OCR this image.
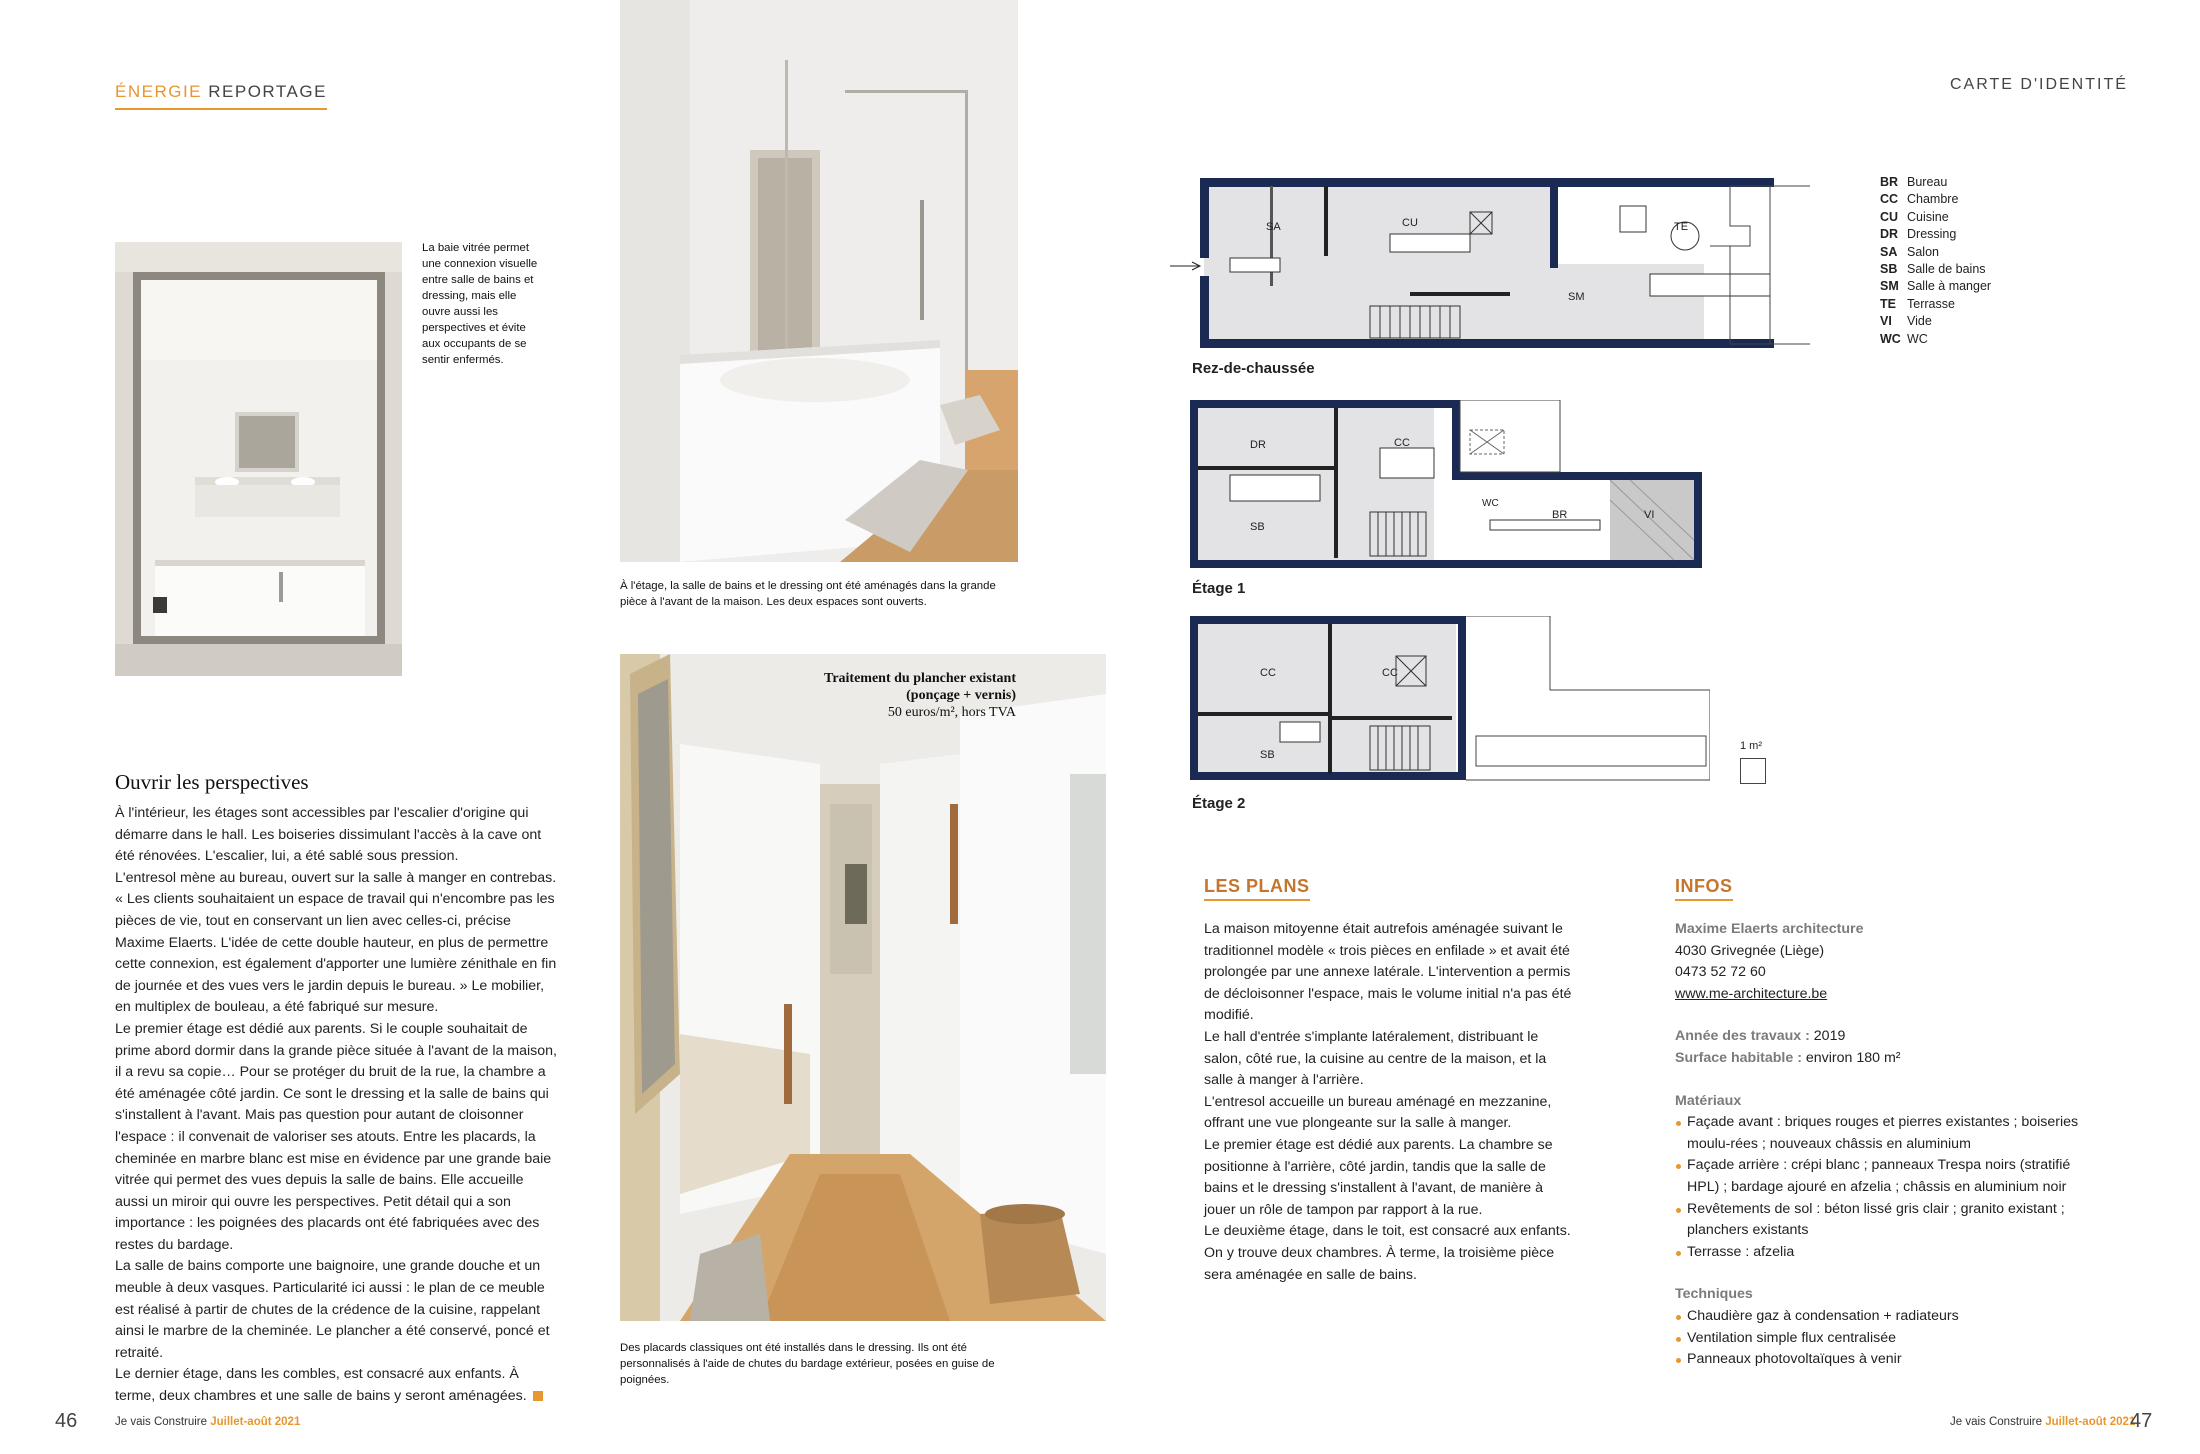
ÉNERGIE REPORTAGE	CARTE D'IDENTITÉ
La baie vitrée permet une connexion visuelle entre salle de bains et dressing, mais elle ouvre aussi les perspectives et évite aux occupants de se sentir enfermés.
À l'étage, la salle de bains et le dressing ont été aménagés dans la grande pièce à l'avant de la maison. Les deux espaces sont ouverts.
Traitement du plancher existant
(ponçage + vernis)
50 euros/m², hors TVA
Des placards classiques ont été installés dans le dressing. Ils ont été personnalisés à l'aide de chutes du bardage extérieur, posées en guise de poignées.
Ouvrir les perspectives

À l'intérieur, les étages sont accessibles par l'escalier d'origine qui démarre dans le hall. Les boiseries dissimulant l'accès à la cave ont été rénovées. L'escalier, lui, a été sablé sous pression.

L'entresol mène au bureau, ouvert sur la salle à manger en contrebas. « Les clients souhaitaient un espace de travail qui n'encombre pas les pièces de vie, tout en conservant un lien avec celles-ci, précise Maxime Elaerts. L'idée de cette double hauteur, en plus de permettre cette connexion, est également d'apporter une lumière zénithale en fin de journée et des vues vers le jardin depuis le bureau. » Le mobilier, en multiplex de bouleau, a été fabriqué sur mesure.

Le premier étage est dédié aux parents. Si le couple souhaitait de prime abord dormir dans la grande pièce située à l'avant de la maison, il a revu sa copie… Pour se protéger du bruit de la rue, la chambre a été aménagée côté jardin. Ce sont le dressing et la salle de bains qui s'installent à l'avant. Mais pas question pour autant de cloisonner l'espace : il convenait de valoriser ses atouts. Entre les placards, la cheminée en marbre blanc est mise en évidence par une grande baie vitrée qui permet des vues depuis la salle de bains. Elle accueille aussi un miroir qui ouvre les perspectives. Petit détail qui a son importance : les poignées des placards ont été fabriquées avec des restes du bardage.

La salle de bains comporte une baignoire, une grande douche et un meuble à deux vasques. Particularité ici aussi : le plan de ce meuble est réalisé à partir de chutes de la crédence de la cuisine, rappelant ainsi le marbre de la cheminée. Le plancher a été conservé, poncé et retraité.

Le dernier étage, dans les combles, est consacré aux enfants. À terme, deux chambres et une salle de bains y seront aménagées.

SA	CU	TE
SM
Rez-de-chaussée
DR	CC
SB
WC
BR	VI
Étage 1
CC	CC
SB
Étage 2
1 m²
BR Bureau
CC Chambre
CU Cuisine
DR Dressing
SA Salon
SB Salle de bains
SM Salle à manger
TE Terrasse
VI	Vide
WC WC
LES PLANS

La maison mitoyenne était autrefois aménagée suivant le traditionnel modèle « trois pièces en enfilade » et avait été prolongée par une annexe latérale. L'intervention a permis de décloisonner l'espace, mais le volume initial n'a pas été modifié.

Le hall d'entrée s'implante latéralement, distribuant le salon, côté rue, la cuisine au centre de la maison, et la salle à manger à l'arrière.

L'entresol accueille un bureau aménagé en mezzanine, offrant une vue plongeante sur la salle à manger.

Le premier étage est dédié aux parents. La chambre se positionne à l'arrière, côté jardin, tandis que la salle de bains et le dressing s'installent à l'avant, de manière à jouer un rôle de tampon par rapport à la rue.

Le deuxième étage, dans le toit, est consacré aux enfants. On y trouve deux chambres. À terme, la troisième pièce sera aménagée en salle de bains.

INFOS
Maxime Elaerts architecture
4030 Grivegnée (Liège)
0473 52 72 60
www.me-architecture.be
Année des travaux : 2019
Surface habitable : environ 180 m²
Matériaux
Façade avant : briques rouges et pierres existantes ; boiseries moulu-rées ; nouveaux châssis en aluminium
Façade arrière : crépi blanc ; panneaux Trespa noirs (stratifié HPL) ; bardage ajouré en afzelia ; châssis en aluminium noir
Revêtements de sol : béton lissé gris clair ; granito existant ; planchers existants
Terrasse : afzelia
Techniques
Chaudière gaz à condensation + radiateurs
Ventilation simple flux centralisée
Panneaux photovoltaïques à venir
46	Je vais Construire Juillet-août 2021	Je vais Construire Juillet-août 2021
47
